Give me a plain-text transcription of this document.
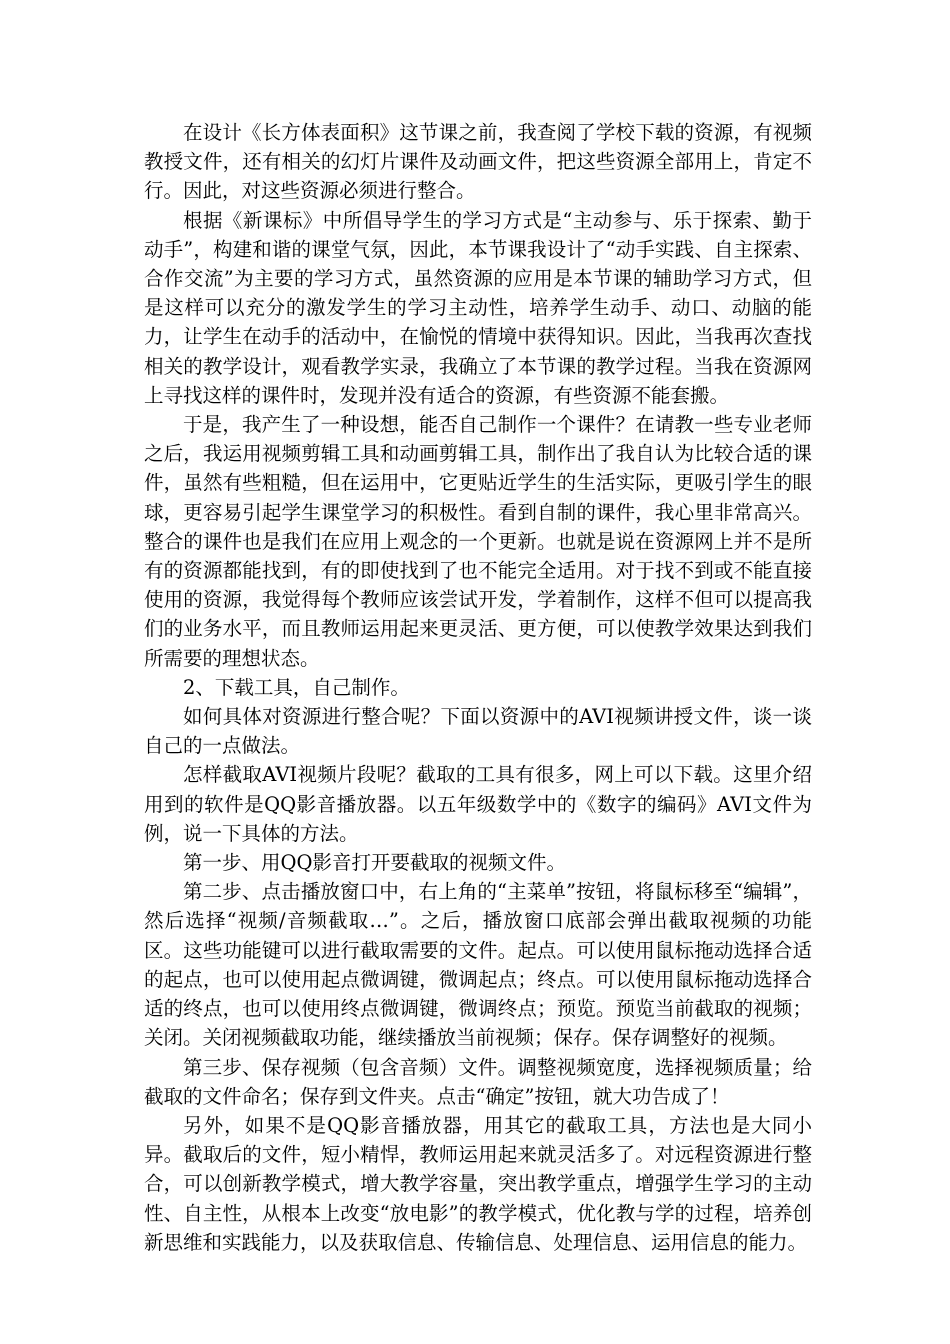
在设计《长方体表面积》这节课之前，我查阅了学校下载的资源，有视频教授文件，还有相关的幻灯片课件及动画文件，把这些资源全部用上，肯定不行。因此，对这些资源必须进行整合。

根据《新课标》中所倡导学生的学习方式是“主动参与、乐于探索、勤于动手”，构建和谐的课堂气氛，因此，本节课我设计了“动手实践、自主探索、合作交流”为主要的学习方式，虽然资源的应用是本节课的辅助学习方式，但是这样可以充分的激发学生的学习主动性，培养学生动手、动口、动脑的能力，让学生在动手的活动中，在愉悦的情境中获得知识。因此，当我再次查找相关的教学设计，观看教学实录，我确立了本节课的教学过程。当我在资源网上寻找这样的课件时，发现并没有适合的资源，有些资源不能套搬。

于是，我产生了一种设想，能否自己制作一个课件？在请教一些专业老师之后，我运用视频剪辑工具和动画剪辑工具，制作出了我自认为比较合适的课件，虽然有些粗糙，但在运用中，它更贴近学生的生活实际，更吸引学生的眼球，更容易引起学生课堂学习的积极性。看到自制的课件，我心里非常高兴。整合的课件也是我们在应用上观念的一个更新。也就是说在资源网上并不是所有的资源都能找到，有的即使找到了也不能完全适用。对于找不到或不能直接使用的资源，我觉得每个教师应该尝试开发，学着制作，这样不但可以提高我们的业务水平，而且教师运用起来更灵活、更方便，可以使教学效果达到我们所需要的理想状态。

2、下载工具，自己制作。

如何具体对资源进行整合呢？下面以资源中的AVI视频讲授文件，谈一谈自己的一点做法。

怎样截取AVI视频片段呢？截取的工具有很多，网上可以下载。这里介绍用到的软件是QQ影音播放器。以五年级数学中的《数字的编码》AVI文件为例，说一下具体的方法。

第一步、用QQ影音打开要截取的视频文件。

第二步、点击播放窗口中，右上角的“主菜单”按钮，将鼠标移至“编辑”，然后选择“视频/音频截取…”。之后，播放窗口底部会弹出截取视频的功能区。这些功能键可以进行截取需要的文件。起点。可以使用鼠标拖动选择合适的起点，也可以使用起点微调键，微调起点；终点。可以使用鼠标拖动选择合适的终点，也可以使用终点微调键，微调终点；预览。预览当前截取的视频；关闭。关闭视频截取功能，继续播放当前视频；保存。保存调整好的视频。

第三步、保存视频（包含音频）文件。调整视频宽度，选择视频质量；给截取的文件命名；保存到文件夹。点击“确定”按钮，就大功告成了！

另外，如果不是QQ影音播放器，用其它的截取工具，方法也是大同小异。截取后的文件，短小精悍，教师运用起来就灵活多了。对远程资源进行整合，可以创新教学模式，增大教学容量，突出教学重点，增强学生学习的主动性、自主性，从根本上改变“放电影”的教学模式，优化教与学的过程，培养创新思维和实践能力，以及获取信息、传输信息、处理信息、运用信息的能力。
